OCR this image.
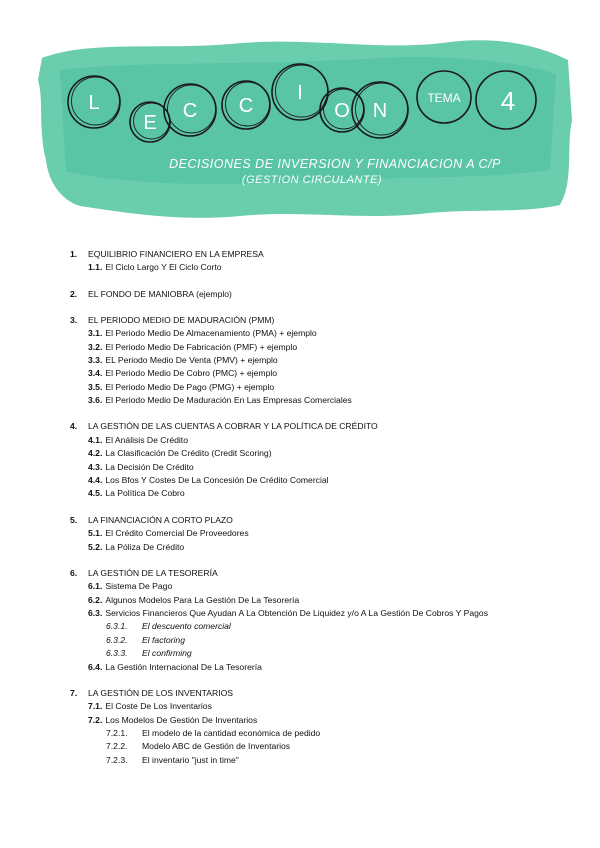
L
E
C C
I
O N
TEMA 4
DECISIONES DE INVERSION Y FINANCIACION A C/P
(GESTION CIRCULANTE)
1.	EQUILIBRIO FINANCIERO EN LA EMPRESA
1.1. El Ciclo Largo Y El Ciclo Corto
2.	EL FONDO DE MANIOBRA (ejemplo)
3.	EL PERIODO MEDIO DE MADURACIÓN (PMM)
3.1. El Periodo Medio De Almacenamiento (PMA) + ejemplo
3.2. El Periodo Medio De Fabricación (PMF) + ejemplo
3.3. EL Periodo Medio De Venta (PMV) + ejemplo
3.4. El Periodo Medio De Cobro (PMC) + ejemplo
3.5. El Periodo Medio De Pago (PMG) + ejemplo
3.6. El Periodo Medio De Maduración En Las Empresas Comerciales
4.	LA GESTIÓN DE LAS CUENTAS A COBRAR Y LA POLÍTICA DE CRÉDITO
4.1. El Análisis De Crédito
4.2. La Clasificación De Crédito (Credit Scoring)
4.3. La Decisión De Crédito
4.4. Los Bfos Y Costes De La Concesión De Crédito Comercial
4.5. La Política De Cobro
5.	LA FINANCIACIÓN A CORTO PLAZO
5.1. El Crédito Comercial De Proveedores
5.2. La Póliza De Crédito
6.	LA GESTIÓN DE LA TESORERÍA
6.1. Sistema De Pago
6.2. Algunos Modelos Para La Gestión De La Tesorería
6.3. Servicios Financieros Que Ayudan A La Obtención De Liquidez y/o A La Gestión De Cobros Y Pagos
6.3.1.	El descuento comercial
6.3.2.	El factoring
6.3.3.	El confirming
6.4. La Gestión Internacional De La Tesorería
7.	LA GESTIÓN DE LOS INVENTARIOS
7.1. El Coste De Los Inventarios
7.2. Los Modelos De Gestión De Inventarios
7.2.1.	El modelo de la cantidad económica de pedido
7.2.2.	Modelo ABC de Gestión de Inventarios
7.2.3.	El inventario "just in time"
